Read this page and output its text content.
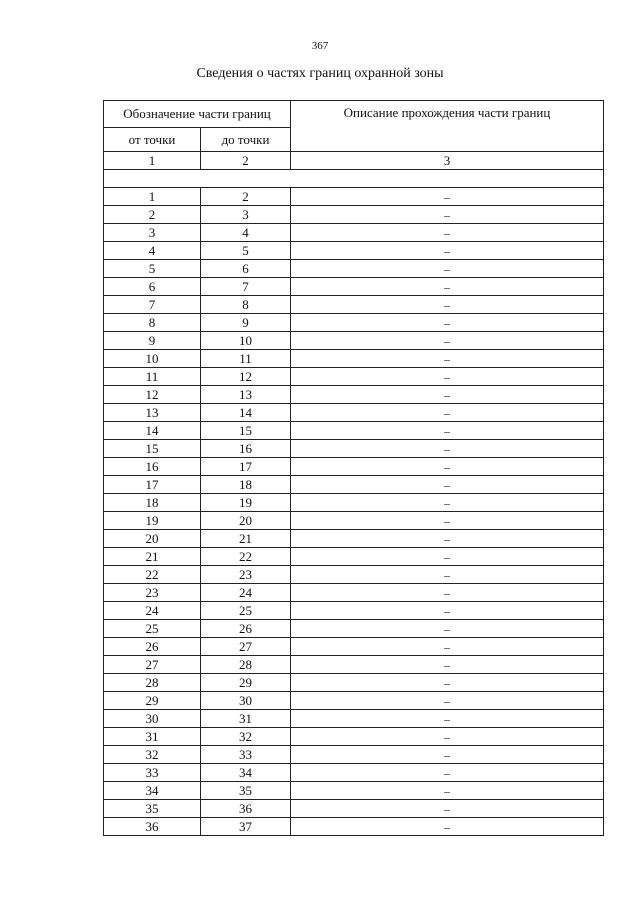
367
Сведения о частях границ охранной зоны
Обозначение части границ		Описание прохождения части границ
от точки	до точки	
1	2	3

1	2	–
2	3	–
3	4	–
4	5	–
5	6	–
6	7	–
7	8	–
8	9	–
9	10	–
10	11	–
11	12	–
12	13	–
13	14	–
14	15	–
15	16	–
16	17	–
17	18	–
18	19	–
19	20	–
20	21	–
21	22	–
22	23	–
23	24	–
24	25	–
25	26	–
26	27	–
27	28	–
28	29	–
29	30	–
30	31	–
31	32	–
32	33	–
33	34	–
34	35	–
35	36	–
36	37	–
